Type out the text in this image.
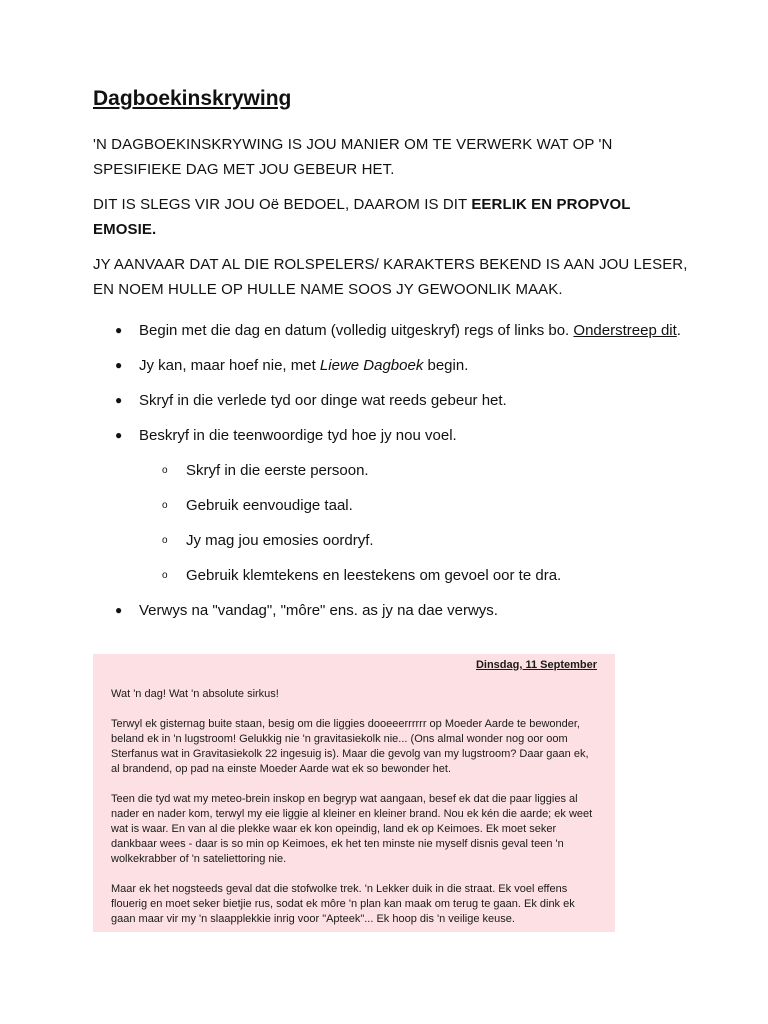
Dagboekinskrywing

'N DAGBOEKINSKRYWING IS JOU MANIER OM TE VERWERK WAT OP 'N SPESIFIEKE DAG MET JOU GEBEUR HET.

DIT IS SLEGS VIR JOU Oë BEDOEL, DAAROM IS DIT EERLIK EN PROPVOL EMOSIE.

JY AANVAAR DAT AL DIE ROLSPELERS/ KARAKTERS BEKEND IS AAN JOU LESER, EN NOEM HULLE OP HULLE NAME SOOS JY GEWOONLIK MAAK.

● Begin met die dag en datum (volledig uitgeskryf) regs of links bo. Onderstreep dit.
● Jy kan, maar hoef nie, met Liewe Dagboek begin.
● Skryf in die verlede tyd oor dinge wat reeds gebeur het.
● Beskryf in die teenwoordige tyd hoe jy nou voel.
o Skryf in die eerste persoon.
o Gebruik eenvoudige taal.
o Jy mag jou emosies oordryf.
o Gebruik klemtekens en leestekens om gevoel oor te dra.
● Verwys na "vandag", "môre" ens. as jy na dae verwys.
Dinsdag, 11 September

Wat 'n dag! Wat 'n absolute sirkus!

Terwyl ek gisternag buite staan, besig om die liggies dooeeerrrrrr op Moeder Aarde te bewonder, beland ek in 'n lugstroom! Gelukkig nie 'n gravitasiekolk nie... (Ons almal wonder nog oor oom Sterfanus wat in Gravitasiekolk 22 ingesuig is). Maar die gevolg van my lugstroom? Daar gaan ek, al brandend, op pad na einste Moeder Aarde wat ek so bewonder het.

Teen die tyd wat my meteo-brein inskop en begryp wat aangaan, besef ek dat die paar liggies al nader en nader kom, terwyl my eie liggie al kleiner en kleiner brand. Nou ek kén die aarde; ek weet wat is waar. En van al die plekke waar ek kon opeindig, land ek op Keimoes. Ek moet seker dankbaar wees - daar is so min op Keimoes, ek het ten minste nie myself disnis geval teen 'n wolkekrabber of 'n sateliettoring nie.

Maar ek het nogsteeds geval dat die stofwolke trek. 'n Lekker duik in die straat. Ek voel effens flouerig en moet seker bietjie rus, sodat ek môre 'n plan kan maak om terug te gaan. Ek dink ek gaan maar vir my 'n slaapplekkie inrig voor "Apteek"... Ek hoop dis 'n veilige keuse.
